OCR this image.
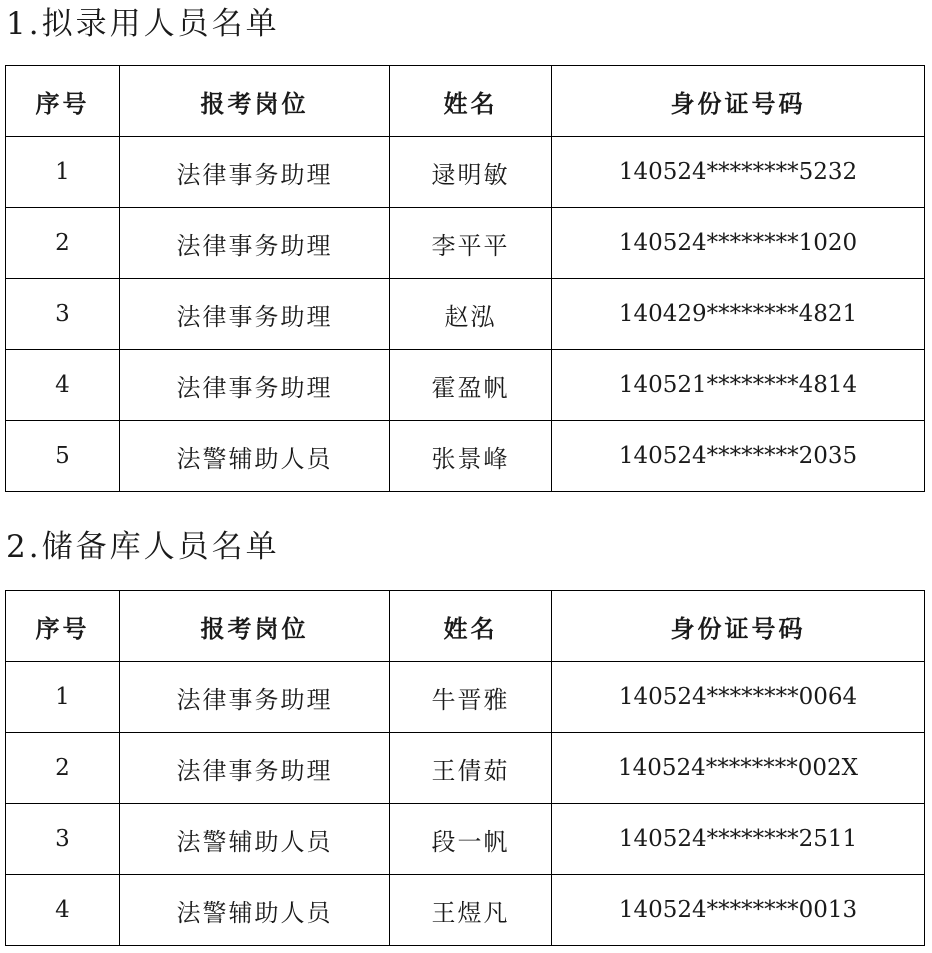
1.拟录用人员名单
序号	报考岗位	姓名	身份证号码
1	法律事务助理	逯明敏	140524********5232
2	法律事务助理	李平平	140524********1020
3	法律事务助理	赵泓	140429********4821
4	法律事务助理	霍盈帆	140521********4814
5	法警辅助人员	张景峰	140524********2035
2.储备库人员名单
序号	报考岗位	姓名	身份证号码
1	法律事务助理	牛晋雅	140524********0064
2	法律事务助理	王倩茹	140524********002X
3	法警辅助人员	段一帆	140524********2511
4	法警辅助人员	王煜凡	140524********0013
